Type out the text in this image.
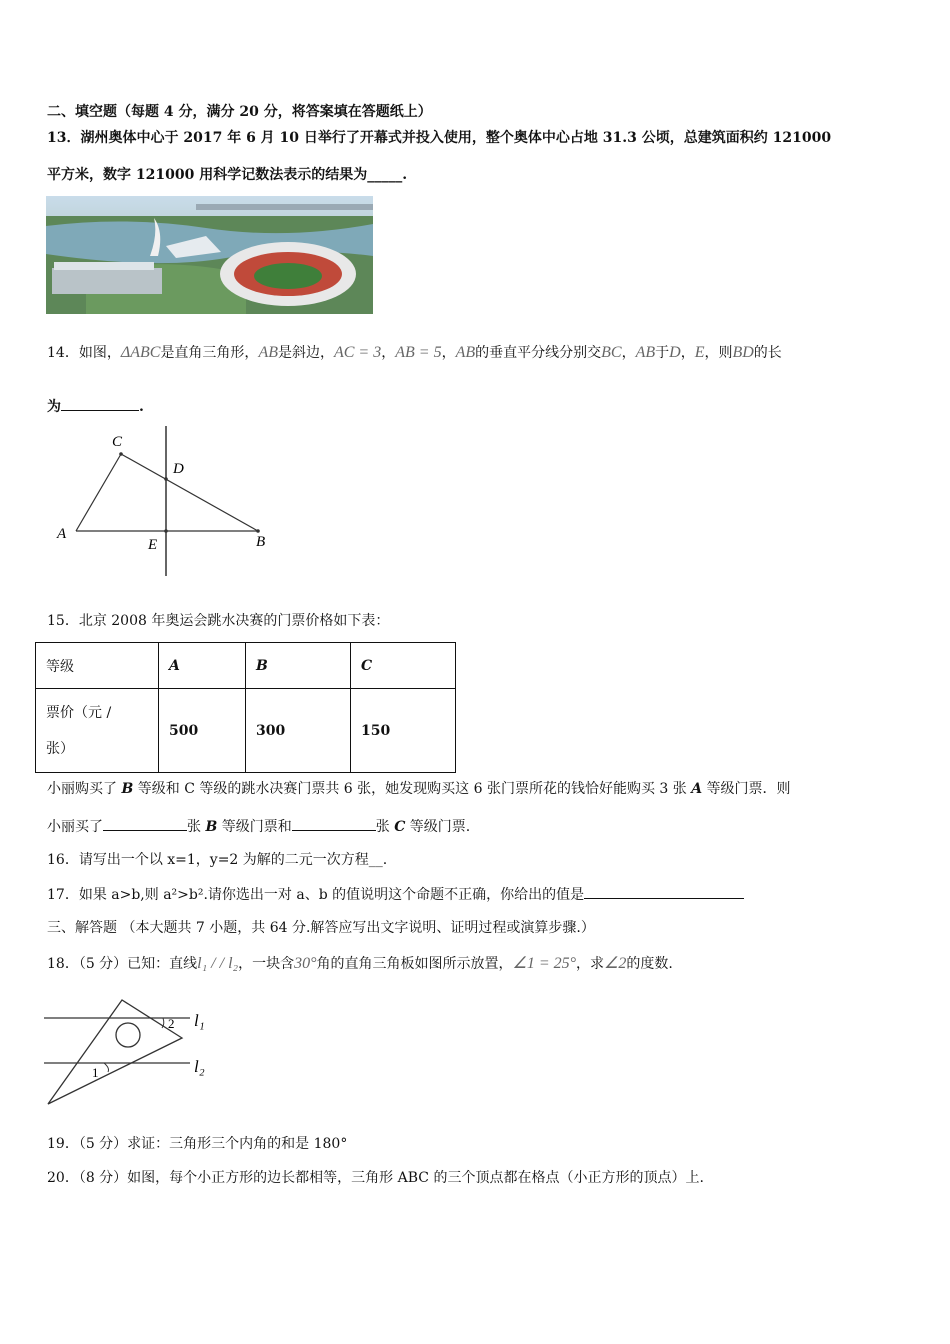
二、填空题（每题 4 分，满分 20 分，将答案填在答题纸上）
13．湖州奥体中心于 2017 年 6 月 10 日举行了开幕式并投入使用，整个奥体中心占地 31.3 公顷，总建筑面积约 121000
平方米，数字 121000 用科学记数法表示的结果为_____.
14．如图，ΔABC是直角三角形，AB是斜边，AC = 3，AB = 5，AB的垂直平分线分别交BC，AB于D，E，则BD的长
为	.
C
D
A
E	B
15．北京 2008 年奥运会跳水决赛的门票价格如下表：
等级	A	B	C

票价（元 /
张）	500	300	150
小丽购买了 B 等级和 C 等级的跳水决赛门票共 6 张，她发现购买这 6 张门票所花的钱恰好能购买 3 张 A 等级门票．则
小丽买了	张 B 等级门票和	张 C 等级门票.
16．请写出一个以 x=1，y=2 为解的二元一次方程__.
17．如果 a>b,则 a²>b².请你选出一对 a、b 的值说明这个命题不正确，你给出的值是
三、解答题 （本大题共 7 小题，共 64 分.解答应写出文字说明、证明过程或演算步骤.）
18．（5 分）已知：直线l₁ / / l₂，一块含30°角的直角三角板如图所示放置，∠1 = 25°，求∠2的度数.
2
1
l₁
l₂
19．（5 分）求证：三角形三个内角的和是 180°
20．（8 分）如图，每个小正方形的边长都相等，三角形 ABC 的三个顶点都在格点（小正方形的顶点）上.
